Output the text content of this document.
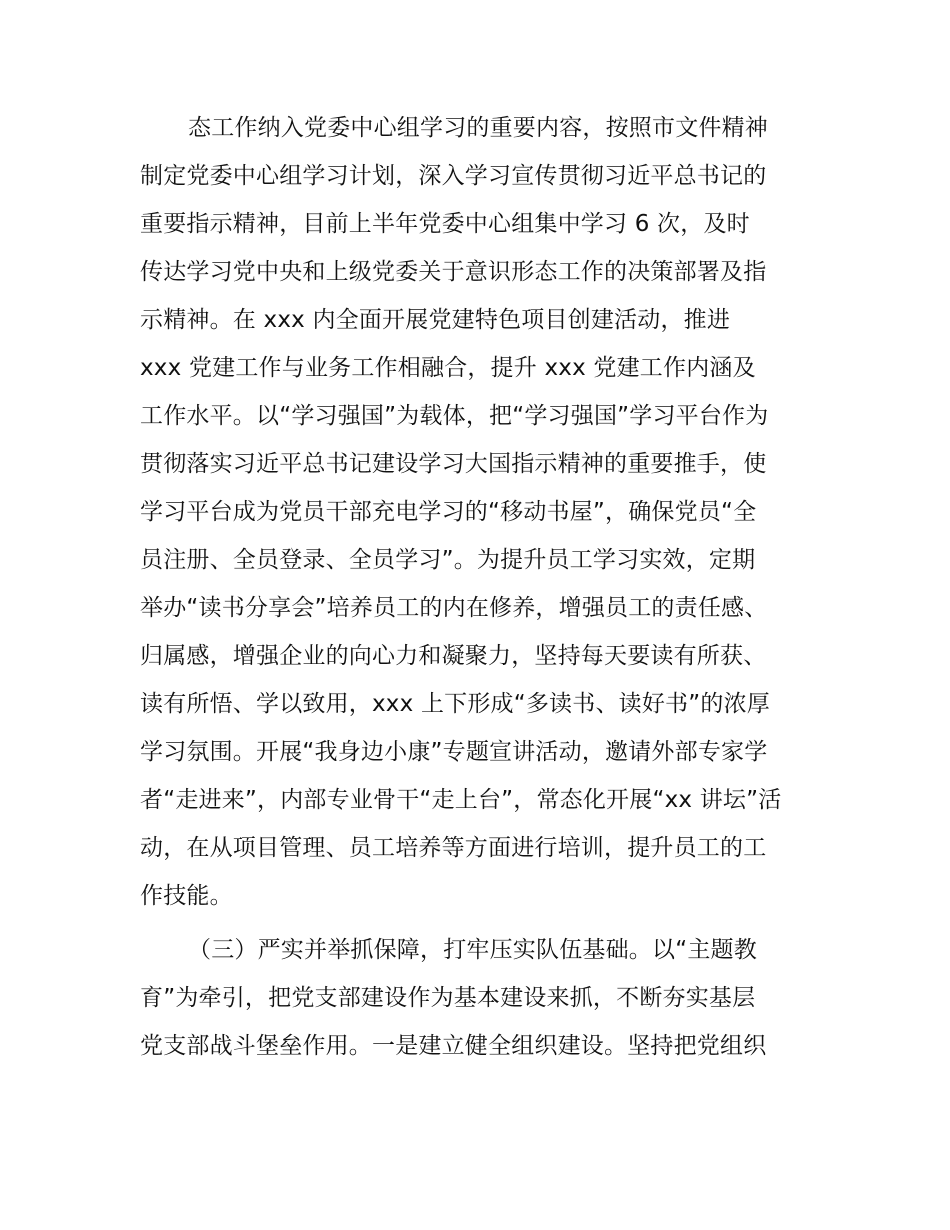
态工作纳入党委中心组学习的重要内容，按照市文件精神
制定党委中心组学习计划，深入学习宣传贯彻习近平总书记的
重要指示精神，目前上半年党委中心组集中学习 6 次，及时
传达学习党中央和上级党委关于意识形态工作的决策部署及指
示精神。在 xxx 内全面开展党建特色项目创建活动，推进
xxx 党建工作与业务工作相融合，提升 xxx 党建工作内涵及
工作水平。以“学习强国”为载体，把“学习强国”学习平台作为
贯彻落实习近平总书记建设学习大国指示精神的重要推手，使
学习平台成为党员干部充电学习的“移动书屋”，确保党员“全
员注册、全员登录、全员学习”。为提升员工学习实效，定期
举办“读书分享会”培养员工的内在修养，增强员工的责任感、
归属感，增强企业的向心力和凝聚力，坚持每天要读有所获、
读有所悟、学以致用，xxx 上下形成“多读书、读好书”的浓厚
学习氛围。开展“我身边小康”专题宣讲活动，邀请外部专家学
者“走进来”，内部专业骨干“走上台”，常态化开展“xx 讲坛”活
动，在从项目管理、员工培养等方面进行培训，提升员工的工
作技能。
（三）严实并举抓保障，打牢压实队伍基础。以“主题教
育”为牵引，把党支部建设作为基本建设来抓，不断夯实基层
党支部战斗堡垒作用。一是建立健全组织建设。坚持把党组织
